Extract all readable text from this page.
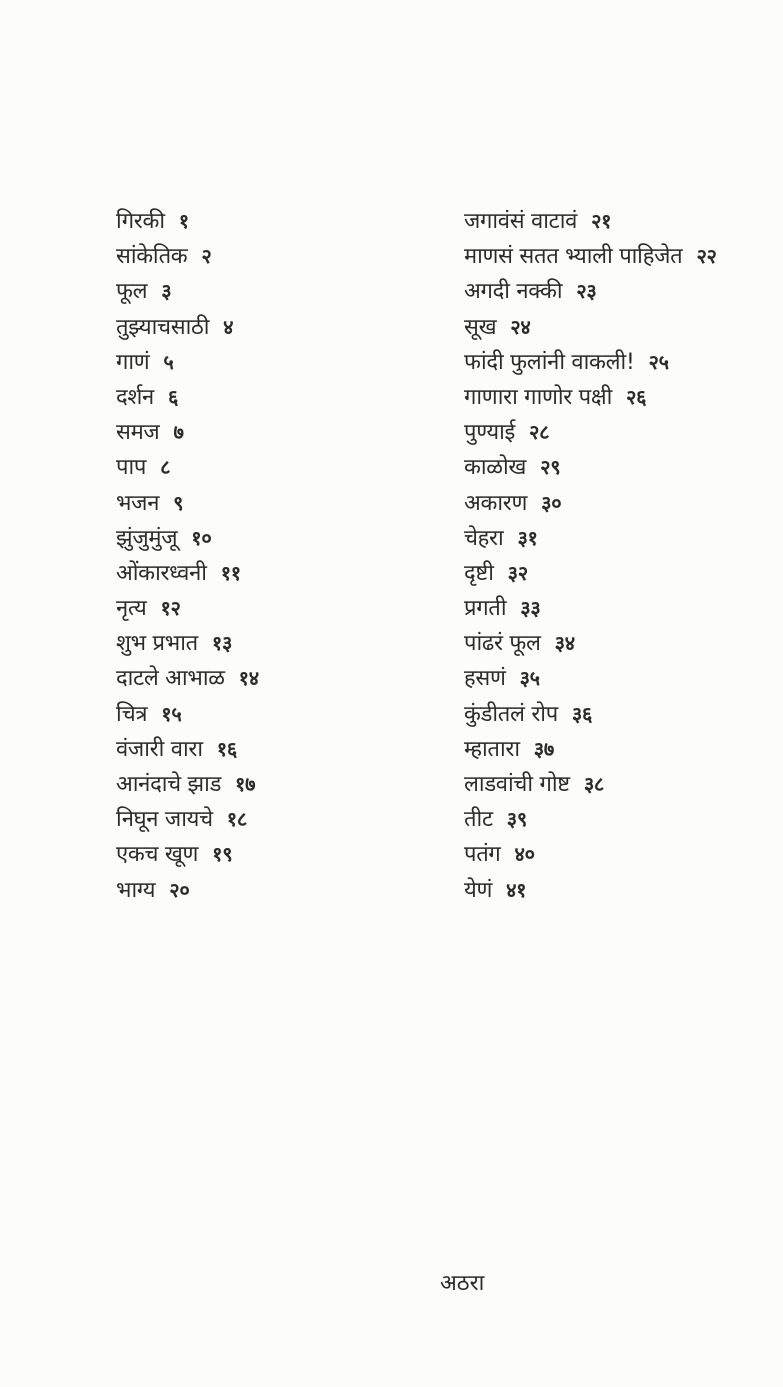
गिरकी १
सांकेतिक २
फूल ३
तुझ्याचसाठी ४
गाणं ५
दर्शन ६
समज ७
पाप ८
भजन ९
झुंजुमुंजू १०
ओंकारध्वनी ११
नृत्य १२
शुभ प्रभात १३
दाटले आभाळ १४
चित्र १५
वंजारी वारा १६
आनंदाचे झाड १७
निघून जायचे १८
एकच खूण १९
भाग्य २०
जगावंसं वाटावं २१
माणसं सतत भ्याली पाहिजेत २२
अगदी नक्की २३
सूख २४
फांदी फुलांनी वाकली! २५
गाणारा गाणोर पक्षी २६
पुण्याई २८
काळोख २९
अकारण ३०
चेहरा ३१
दृष्टी ३२
प्रगती ३३
पांढरं फूल ३४
हसणं ३५
कुंडीतलं रोप ३६
म्हातारा ३७
लाडवांची गोष्ट ३८
तीट ३९
पतंग ४०
येणं ४१
अठरा
